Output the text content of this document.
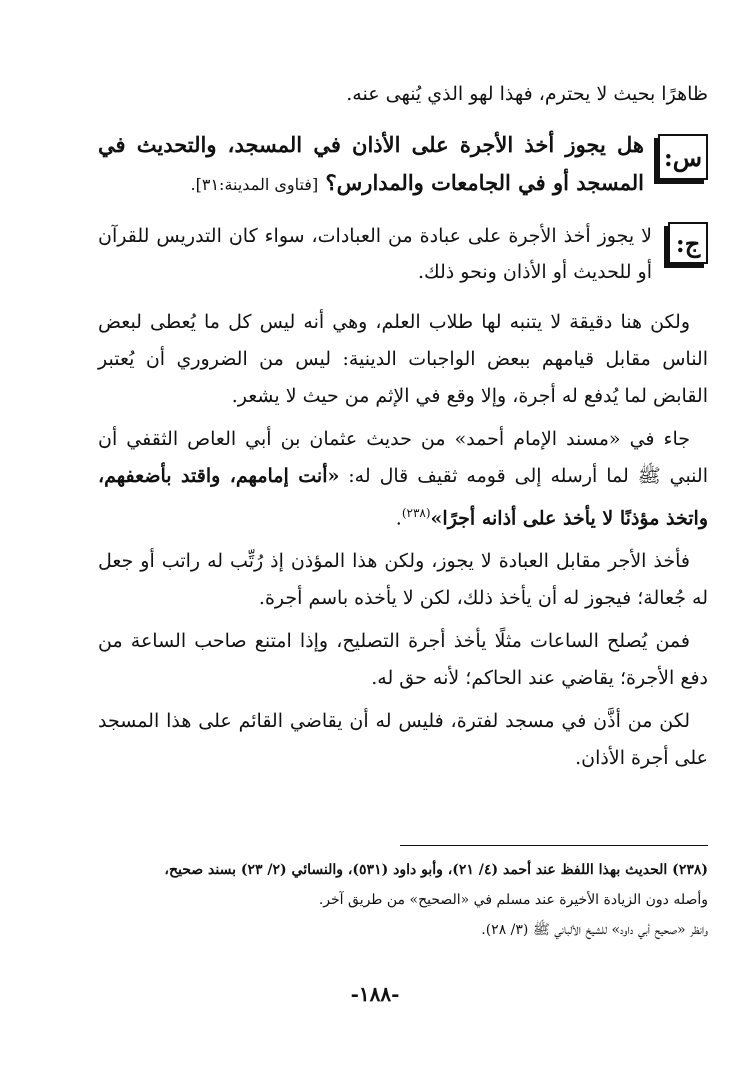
ظاهرًا بحيث لا يحترم، فهذا لهو الذي يُنهى عنه.

س:

هل يجوز أخذ الأجرة على الأذان في المسجد، والتحديث في المسجد أو في الجامعات والمدارس؟ [فتاوى المدينة:٣١].

ج:

لا يجوز أخذ الأجرة على عبادة من العبادات، سواء كان التدريس للقرآن أو للحديث أو الأذان ونحو ذلك.

ولكن هنا دقيقة لا يتنبه لها طلاب العلم، وهي أنه ليس كل ما يُعطى لبعض الناس مقابل قيامهم ببعض الواجبات الدينية: ليس من الضروري أن يُعتبر القابض لما يُدفع له أجرة، وإلا وقع في الإثم من حيث لا يشعر.

جاء في «مسند الإمام أحمد» من حديث عثمان بن أبي العاص الثقفي أن النبي ﷺ لما أرسله إلى قومه ثقيف قال له: «أنت إمامهم، واقتد بأضعفهم، واتخذ مؤذنًا لا يأخذ على أذانه أجرًا»$^{(٢٣٨)}$.

فأخذ الأجر مقابل العبادة لا يجوز، ولكن هذا المؤذن إذ رُتِّب له راتب أو جعل له جُعالة؛ فيجوز له أن يأخذ ذلك، لكن لا يأخذه باسم أجرة.

فمن يُصلح الساعات مثلًا يأخذ أجرة التصليح، وإذا امتنع صاحب الساعة من دفع الأجرة؛ يقاضي عند الحاكم؛ لأنه حق له.

لكن من أذَّن في مسجد لفترة، فليس له أن يقاضي القائم على هذا المسجد على أجرة الأذان.

(٢٣٨) الحديث بهذا اللفظ عند أحمد (٤/ ٢١)، وأبو داود (٥٣١)، والنسائي (٢/ ٢٣) بسند صحيح،

وأصله دون الزيادة الأخيرة عند مسلم في «الصحيح» من طريق آخر.

وانظر «صحيح أبي داود» للشيخ الألباني ﷺ (٣/ ٢٨).

-١٨٨-
